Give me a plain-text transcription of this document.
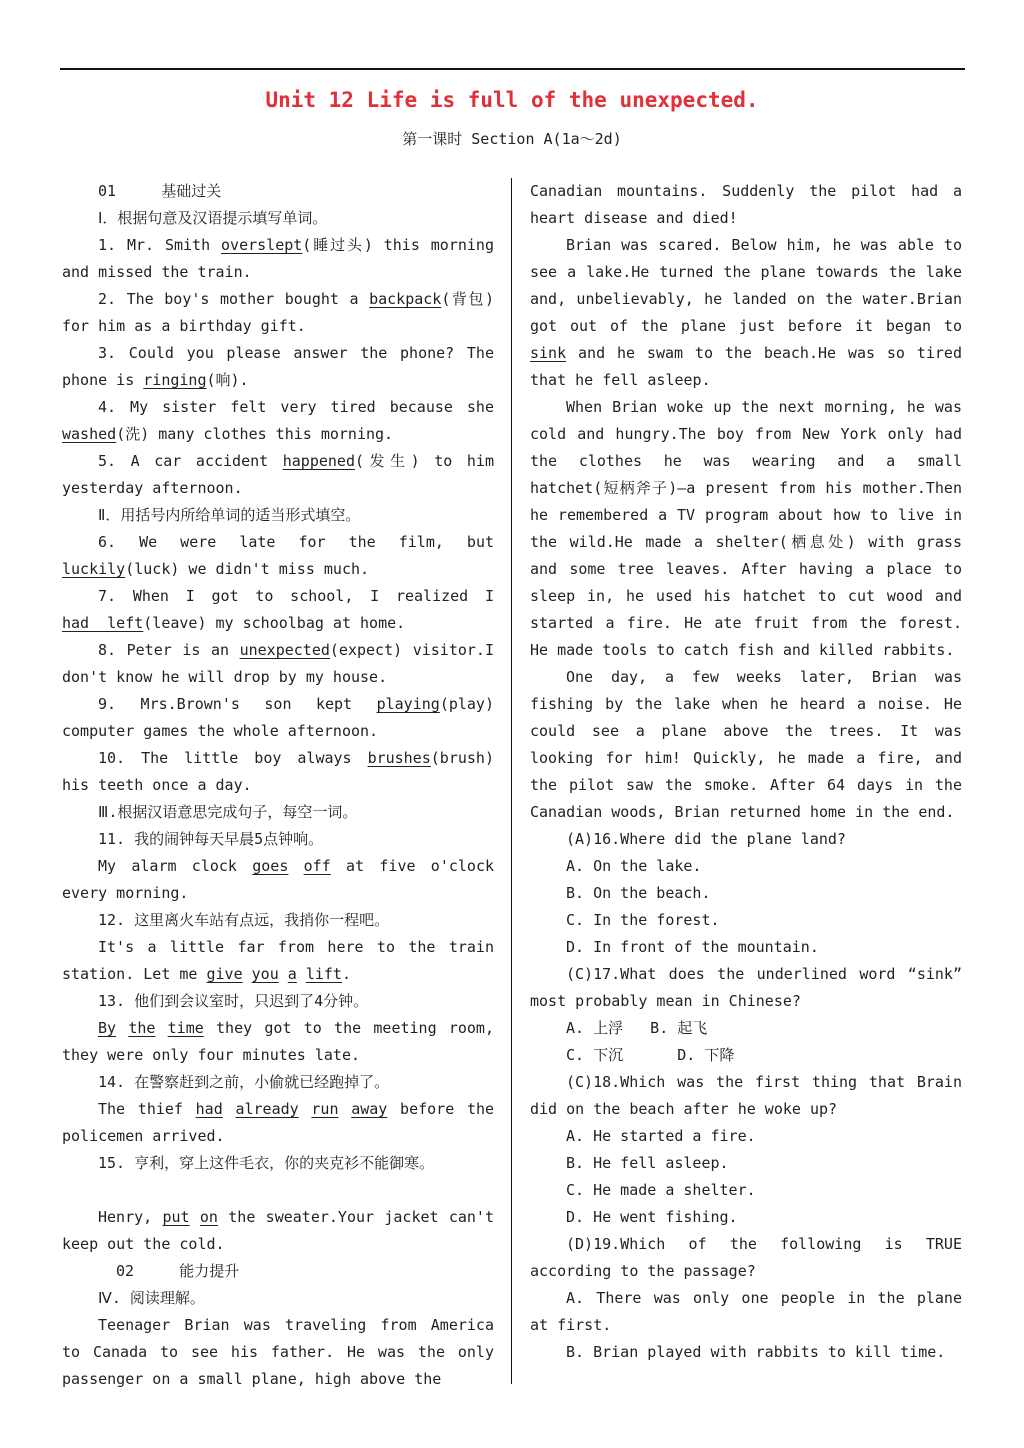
Unit 12 Life is full of the unexpected.
第一课时 Section A(1a～2d)
01	基础过关
Ⅰ．根据句意及汉语提示填写单词。

1. Mr. Smith overslept(睡过头) this morning and missed the train.

2. The boy's mother bought a backpack(背包) for him as a birthday gift.

3. Could you please answer the phone? The phone is ringing(响).

4. My sister felt very tired because she washed(洗) many clothes this morning.

5. A car accident happened(发生) to him yesterday afternoon.

Ⅱ．用括号内所给单词的适当形式填空。

6. We were late for the film, but luckily(luck) we didn't miss much.

7. When I got to school, I realized I had  left(leave) my schoolbag at home.

8. Peter is an unexpected(expect) visitor.I don't know he will drop by my house.

9. Mrs.Brown's son kept playing(play) computer games the whole afternoon.

10. The little boy always brushes(brush) his teeth once a day.

Ⅲ.根据汉语意思完成句子，每空一词。
11. 我的闹钟每天早晨5点钟响。

My alarm clock goes off at five o'clock every morning.

12. 这里离火车站有点远，我捎你一程吧。

It's a little far from here to the train station. Let me give you a lift.

13. 他们到会议室时，只迟到了4分钟。

By the time they got to the meeting room, they were only four minutes late.

14. 在警察赶到之前，小偷就已经跑掉了。

The thief had already run away before the policemen arrived.

15. 亨利，穿上这件毛衣，你的夹克衫不能御寒。

Henry, put on the sweater.Your jacket can't keep out the cold.

02	能力提升
Ⅳ. 阅读理解。

Teenager Brian was traveling from America to Canada to see his father. He was the only passenger on a small plane, high above the

Canadian mountains. Suddenly the pilot had a heart disease and died!

Brian was scared. Below him, he was able to see a lake.He turned the plane towards the lake and, unbelievably, he landed on the water.Brian got out of the plane just before it began to sink and he swam to the beach.He was so tired that he fell asleep.

When Brian woke up the next morning, he was cold and hungry.The boy from New York only had the clothes he was wearing and a small hatchet(短柄斧子)—a present from his mother.Then he remembered a TV program about how to live in the wild.He made a shelter(栖息处) with grass and some tree leaves. After having a place to sleep in, he used his hatchet to cut wood and started a fire. He ate fruit from the forest. He made tools to catch fish and killed rabbits.

One day, a few weeks later, Brian was fishing by the lake when he heard a noise. He could see a plane above the trees. It was looking for him! Quickly, he made a fire, and the pilot saw the smoke. After 64 days in the Canadian woods, Brian returned home in the end.

(A)16.Where did the plane land?

A. On the lake.
B. On the beach.
C. In the forest.
D. In front of the mountain.

(C)17.What does the underlined word “sink” most probably mean in Chinese?

A. 上浮   B. 起飞
C. 下沉      D. 下降

(C)18.Which was the first thing that Brain did on the beach after he woke up?

A. He started a fire.
B. He fell asleep.
C. He made a shelter.
D. He went fishing.

(D)19.Which of the following is TRUE according to the passage?

A. There was only one people in the plane at first.

B. Brian played with rabbits to kill time.
